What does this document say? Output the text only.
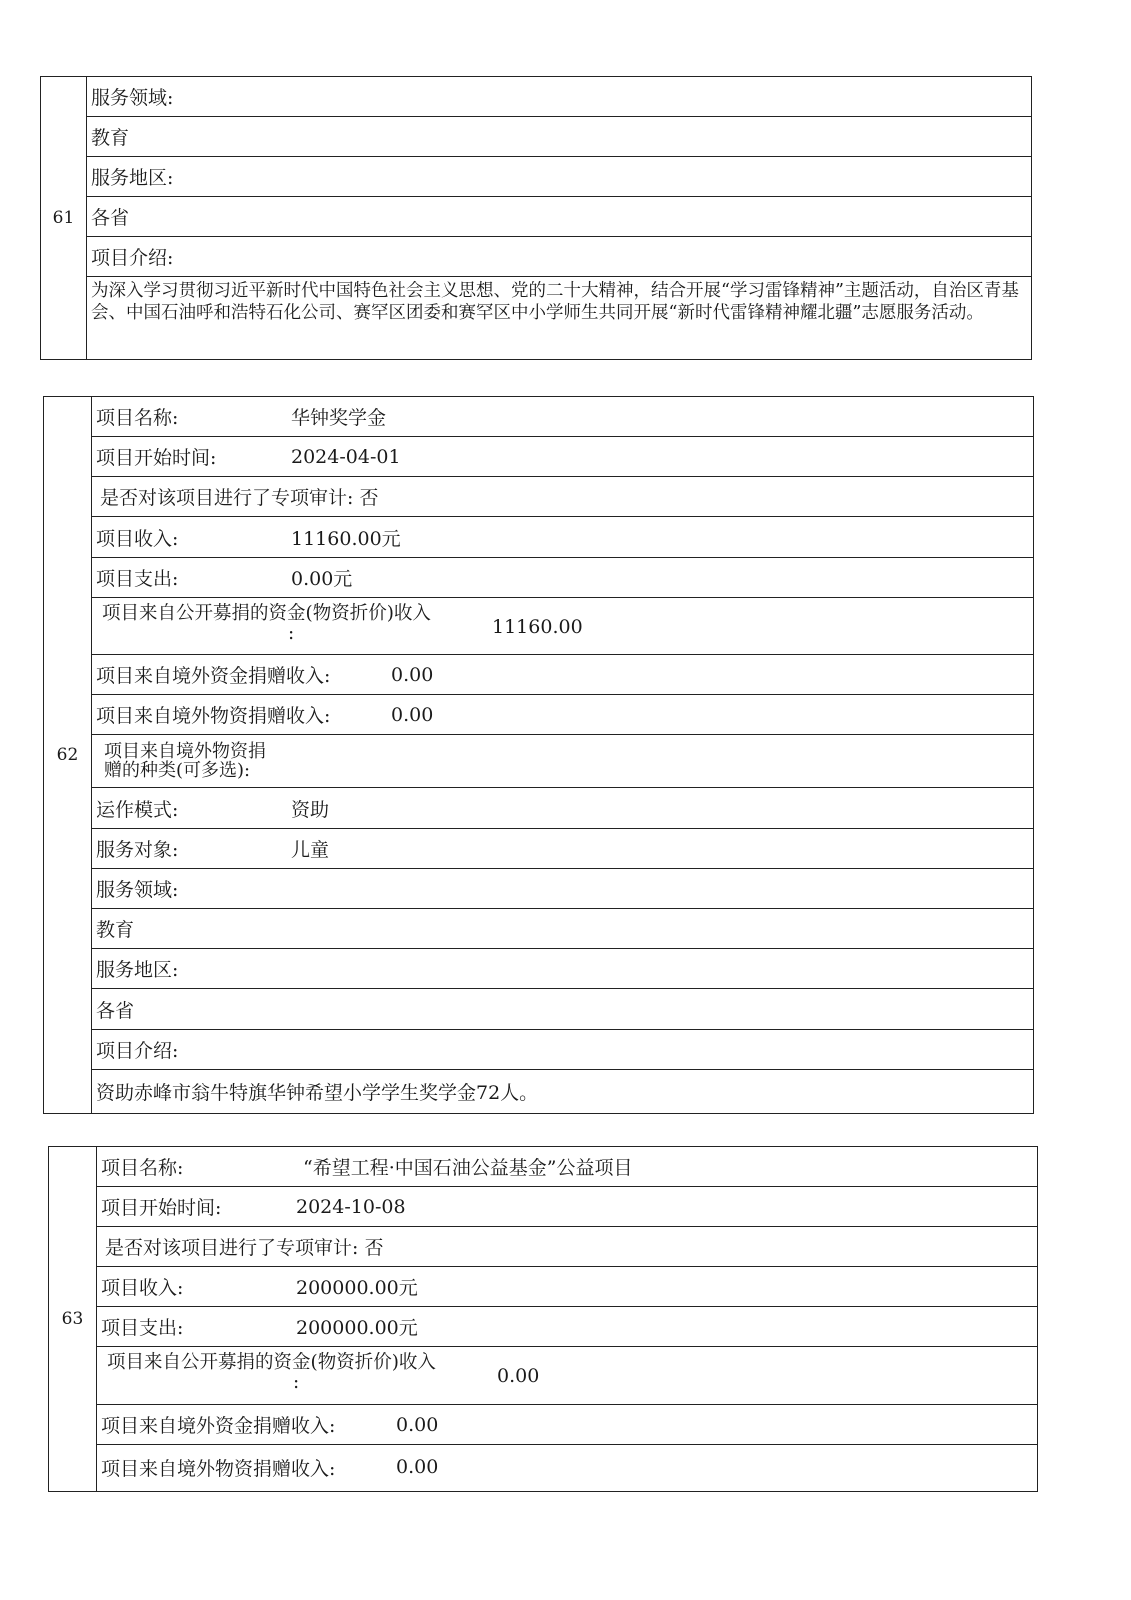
61
服务领域:
教育
服务地区:
各省
项目介绍:
为深入学习贯彻习近平新时代中国特色社会主义思想、党的二十大精神，结合开展“学习雷锋精神”主题活动，自治区青基会、中国石油呼和浩特石化公司、赛罕区团委和赛罕区中小学师生共同开展“新时代雷锋精神耀北疆”志愿服务活动。
62
项目名称:	华钟奖学金
项目开始时间:	2024-04-01
是否对该项目进行了专项审计: 否
项目收入:	11160.00元
项目支出:	0.00元
项目来自公开募捐的资金(物资折价)收入
:	11160.00
项目来自境外资金捐赠收入:	0.00
项目来自境外物资捐赠收入:	0.00
项目来自境外物资捐
赠的种类(可多选):
运作模式:	资助
服务对象:	儿童
服务领域:
教育
服务地区:
各省
项目介绍:
资助赤峰市翁牛特旗华钟希望小学学生奖学金72人。
63
项目名称:	“希望工程·中国石油公益基金”公益项目
项目开始时间:	2024-10-08
是否对该项目进行了专项审计: 否
项目收入:	200000.00元
项目支出:	200000.00元
项目来自公开募捐的资金(物资折价)收入
:	0.00
项目来自境外资金捐赠收入:	0.00
项目来自境外物资捐赠收入:	0.00
